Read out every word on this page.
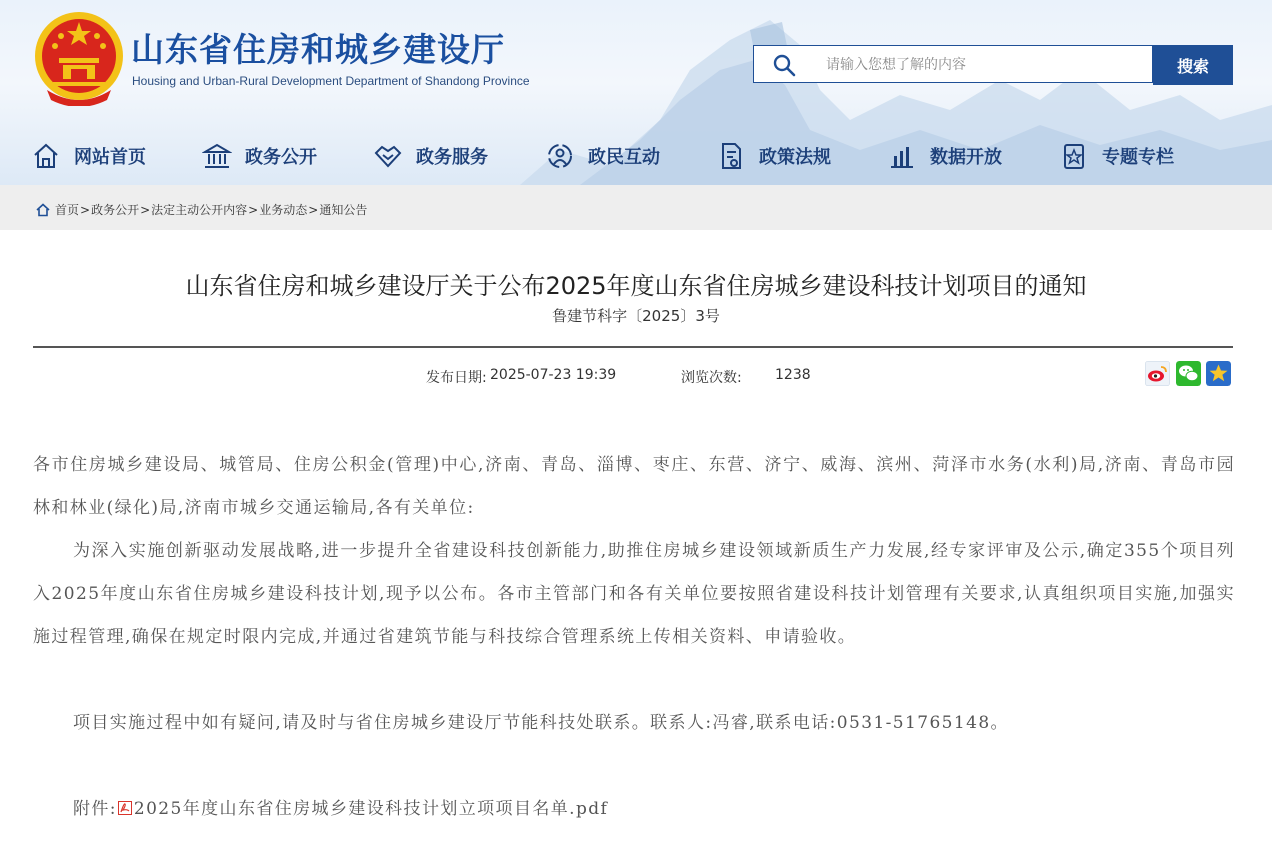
山东省住房和城乡建设厅
Housing and Urban-Rural Development Department of Shandong Province
请输入您想了解的内容
搜索
网站首页	政务公开	政务服务	政民互动	政策法规	数据开放	专题专栏
首页 > 政务公开 > 法定主动公开内容 > 业务动态 > 通知公告
山东省住房和城乡建设厅关于公布2025年度山东省住房城乡建设科技计划项目的通知
鲁建节科字〔2025〕3号
发布日期: 2025-07-23 19:39	浏览次数: 1238

各市住房城乡建设局、城管局、住房公积金(管理)中心,济南、青岛、淄博、枣庄、东营、济宁、威海、滨州、菏泽市水务(水利)局,济南、青岛市园林和林业(绿化)局,济南市城乡交通运输局,各有关单位:

为深入实施创新驱动发展战略,进一步提升全省建设科技创新能力,助推住房城乡建设领域新质生产力发展,经专家评审及公示,确定355个项目列入2025年度山东省住房城乡建设科技计划,现予以公布。各市主管部门和各有关单位要按照省建设科技计划管理有关要求,认真组织项目实施,加强实施过程管理,确保在规定时限内完成,并通过省建筑节能与科技综合管理系统上传相关资料、申请验收。

项目实施过程中如有疑问,请及时与省住房城乡建设厅节能科技处联系。联系人:冯睿,联系电话:0531-51765148。

附件: 2025年度山东省住房城乡建设科技计划立项项目名单.pdf
